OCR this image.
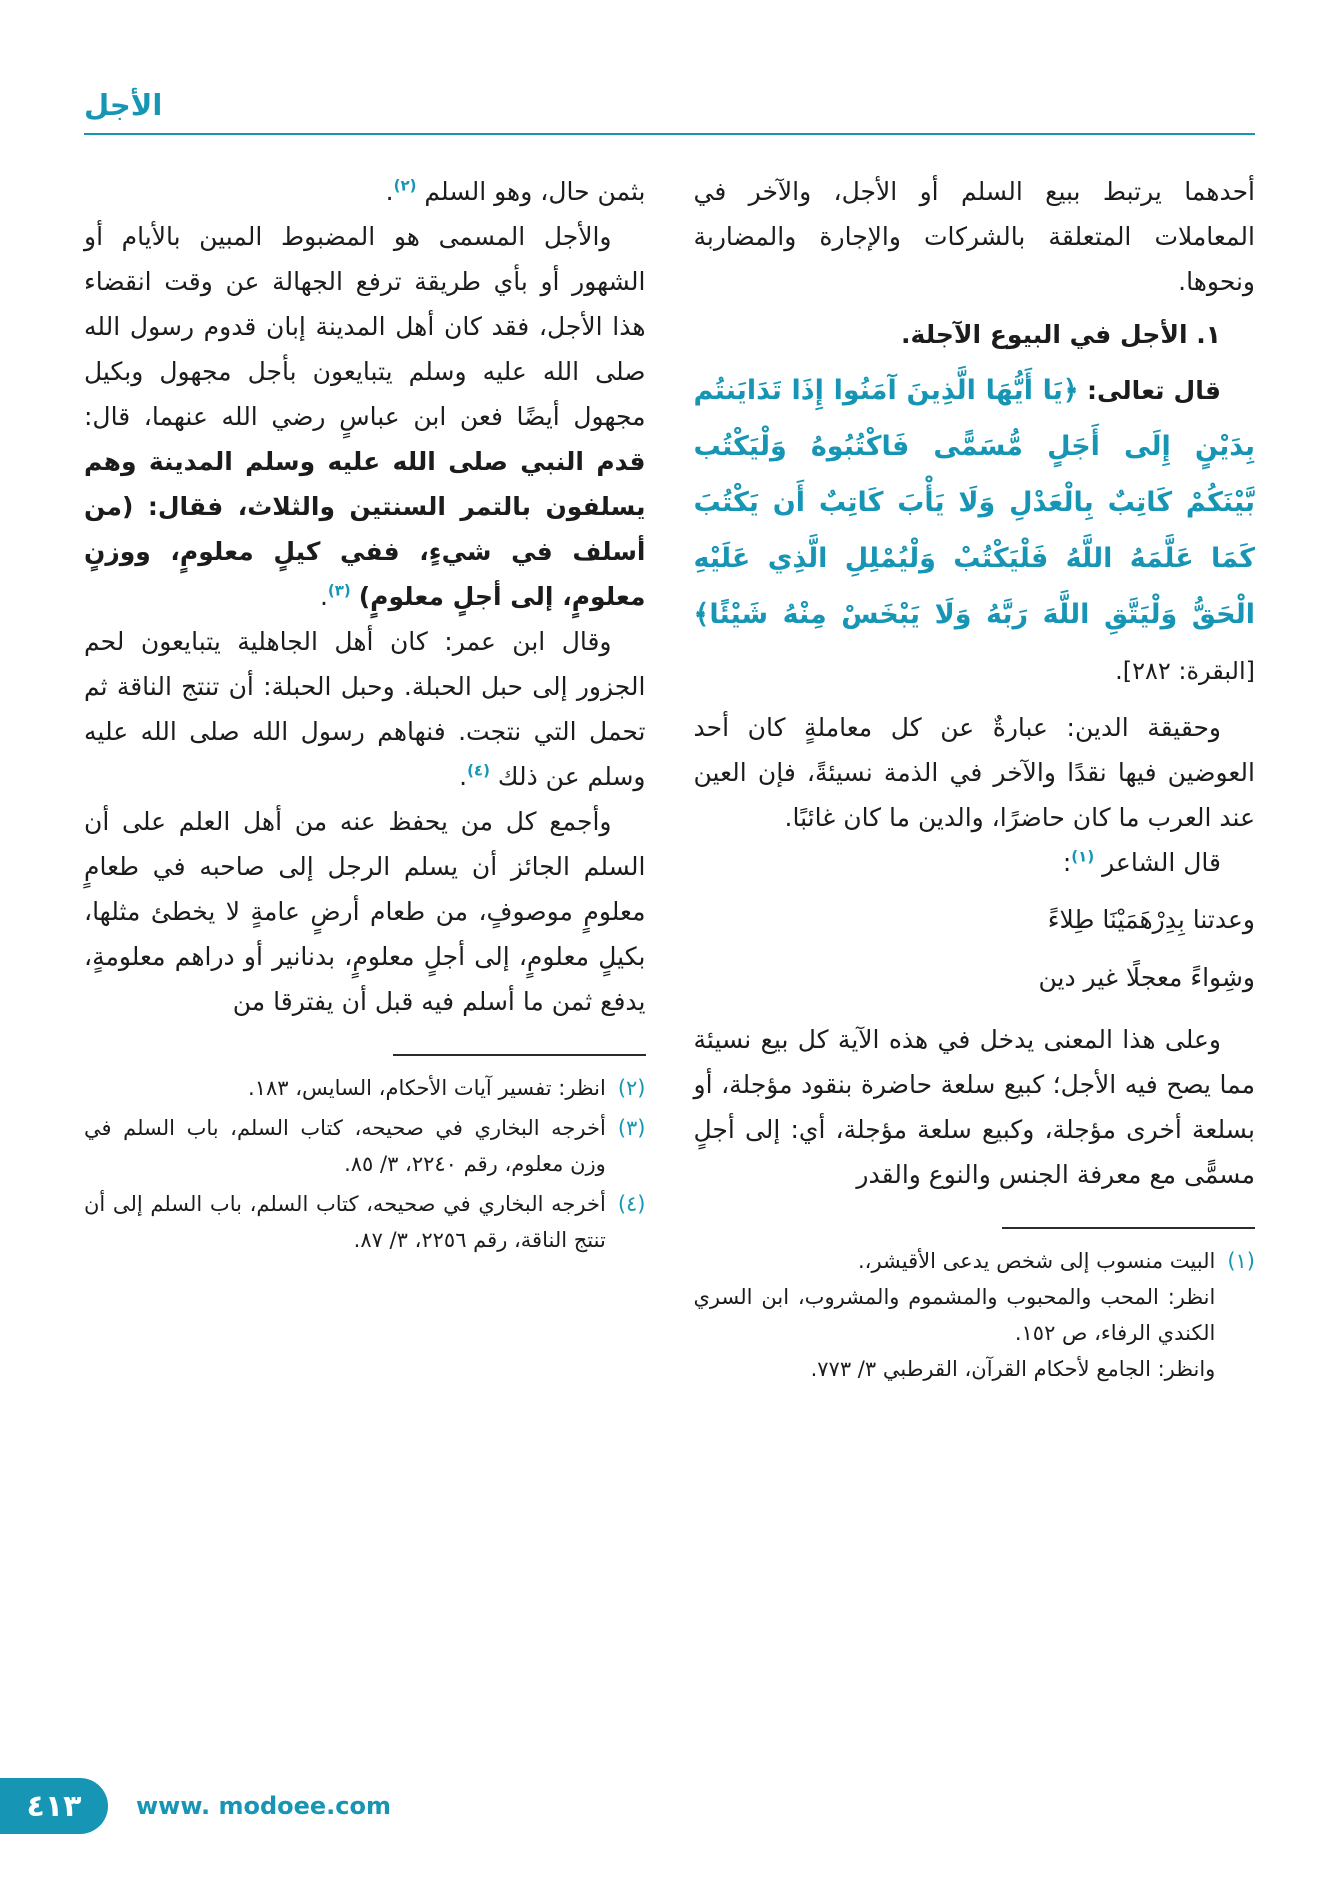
الأجل

أحدهما يرتبط ببيع السلم أو الأجل، والآخر في المعاملات المتعلقة بالشركات والإجارة والمضاربة ونحوها.

١. الأجل في البيوع الآجلة.

قال تعالى: ﴿يَا أَيُّهَا الَّذِينَ آمَنُوا إِذَا تَدَايَنتُم بِدَيْنٍ إِلَى أَجَلٍ مُّسَمًّى فَاكْتُبُوهُ وَلْيَكْتُب بَّيْنَكُمْ كَاتِبٌ بِالْعَدْلِ وَلَا يَأْبَ كَاتِبٌ أَن يَكْتُبَ كَمَا عَلَّمَهُ اللَّهُ فَلْيَكْتُبْ وَلْيُمْلِلِ الَّذِي عَلَيْهِ الْحَقُّ وَلْيَتَّقِ اللَّهَ رَبَّهُ وَلَا يَبْخَسْ مِنْهُ شَيْئًا﴾ [البقرة: ٢٨٢].

وحقيقة الدين: عبارةٌ عن كل معاملةٍ كان أحد العوضين فيها نقدًا والآخر في الذمة نسيئةً، فإن العين عند العرب ما كان حاضرًا، والدين ما كان غائبًا.

قال الشاعر $^{(١)}$:

وعدتنا بِدِرْهَمَيْنَا طِلاءً
وشِواءً معجلًا غير دين

وعلى هذا المعنى يدخل في هذه الآية كل بيع نسيئة مما يصح فيه الأجل؛ كبيع سلعة حاضرة بنقود مؤجلة، أو بسلعة أخرى مؤجلة، وكبيع سلعة مؤجلة، أي: إلى أجلٍ مسمًّى مع معرفة الجنس والنوع والقدر

(١)
البيت منسوب إلى شخص يدعى الأقيشر،.
انظر: المحب والمحبوب والمشموم والمشروب، ابن السري الكندي الرفاء، ص ١٥٢.
وانظر: الجامع لأحكام القرآن، القرطبي ٣/ ٧٧٣.

بثمن حال، وهو السلم $^{(٢)}$.

والأجل المسمى هو المضبوط المبين بالأيام أو الشهور أو بأي طريقة ترفع الجهالة عن وقت انقضاء هذا الأجل، فقد كان أهل المدينة إبان قدوم رسول الله صلى الله عليه وسلم يتبايعون بأجل مجهول وبكيل مجهول أيضًا فعن ابن عباسٍ رضي الله عنهما، قال: قدم النبي صلى الله عليه وسلم المدينة وهم يسلفون بالتمر السنتين والثلاث، فقال: (من أسلف في شيءٍ، ففي كيلٍ معلومٍ، ووزنٍ معلومٍ، إلى أجلٍ معلومٍ) $^{(٣)}$.

وقال ابن عمر: كان أهل الجاهلية يتبايعون لحم الجزور إلى حبل الحبلة. وحبل الحبلة: أن تنتج الناقة ثم تحمل التي نتجت. فنهاهم رسول الله صلى الله عليه وسلم عن ذلك $^{(٤)}$.

وأجمع كل من يحفظ عنه من أهل العلم على أن السلم الجائز أن يسلم الرجل إلى صاحبه في طعامٍ معلومٍ موصوفٍ، من طعام أرضٍ عامةٍ لا يخطئ مثلها، بكيلٍ معلومٍ، إلى أجلٍ معلومٍ، بدنانير أو دراهم معلومةٍ، يدفع ثمن ما أسلم فيه قبل أن يفترقا من

(٢)
انظر: تفسير آيات الأحكام، السايس، ١٨٣.
(٣)
أخرجه البخاري في صحيحه، كتاب السلم، باب السلم في وزن معلوم، رقم ٢٢٤٠، ٣/ ٨٥.
(٤)
أخرجه البخاري في صحيحه، كتاب السلم، باب السلم إلى أن تنتج الناقة، رقم ٢٢٥٦، ٣/ ٨٧.
٤١٣ www. modoee.com
